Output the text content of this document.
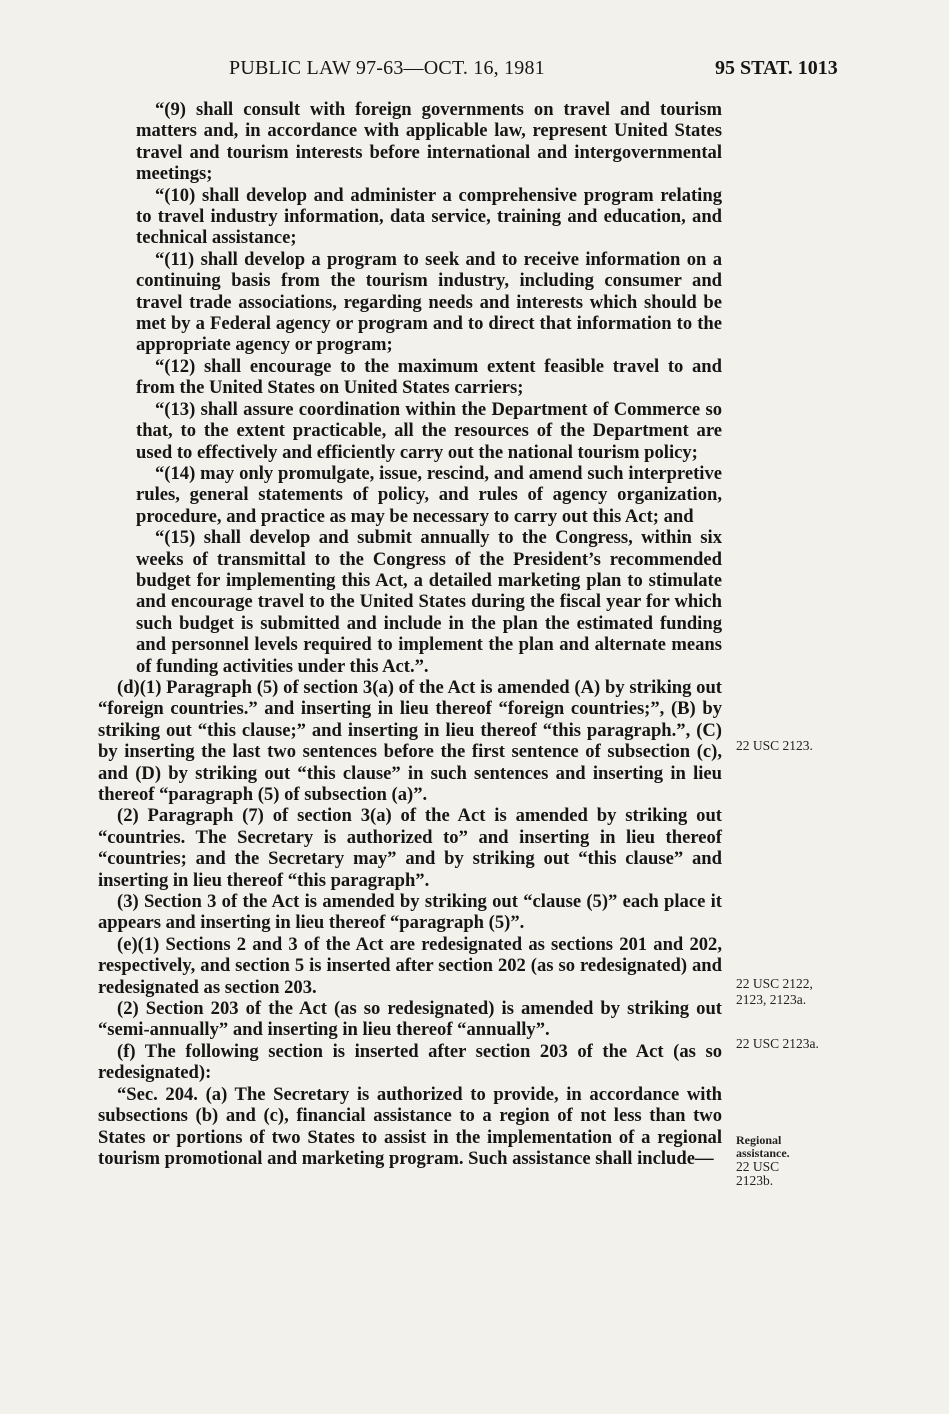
PUBLIC LAW 97-63—OCT. 16, 1981	95 STAT. 1013

“(9) shall consult with foreign governments on travel and tourism matters and, in accordance with applicable law, represent United States travel and tourism interests before international and intergovernmental meetings;

“(10) shall develop and administer a comprehensive program relating to travel industry information, data service, training and education, and technical assistance;

“(11) shall develop a program to seek and to receive information on a continuing basis from the tourism industry, including consumer and travel trade associations, regarding needs and interests which should be met by a Federal agency or program and to direct that information to the appropriate agency or program;

“(12) shall encourage to the maximum extent feasible travel to and from the United States on United States carriers;

“(13) shall assure coordination within the Department of Commerce so that, to the extent practicable, all the resources of the Department are used to effectively and efficiently carry out the national tourism policy;

“(14) may only promulgate, issue, rescind, and amend such interpretive rules, general statements of policy, and rules of agency organization, procedure, and practice as may be necessary to carry out this Act; and

“(15) shall develop and submit annually to the Congress, within six weeks of transmittal to the Congress of the President’s recommended budget for implementing this Act, a detailed marketing plan to stimulate and encourage travel to the United States during the fiscal year for which such budget is submitted and include in the plan the estimated funding and personnel levels required to implement the plan and alternate means of funding activities under this Act.”.

(d)(1) Paragraph (5) of section 3(a) of the Act is amended (A) by striking out “foreign countries.” and inserting in lieu thereof “foreign countries;”, (B) by striking out “this clause;” and inserting in lieu thereof “this paragraph.”, (C) by inserting the last two sentences before the first sentence of subsection (c), and (D) by striking out “this clause” in such sentences and inserting in lieu thereof “paragraph (5) of subsection (a)”.

(2) Paragraph (7) of section 3(a) of the Act is amended by striking out “countries. The Secretary is authorized to” and inserting in lieu thereof “countries; and the Secretary may” and by striking out “this clause” and inserting in lieu thereof “this paragraph”.

(3) Section 3 of the Act is amended by striking out “clause (5)” each place it appears and inserting in lieu thereof “paragraph (5)”.

(e)(1) Sections 2 and 3 of the Act are redesignated as sections 201 and 202, respectively, and section 5 is inserted after section 202 (as so redesignated) and redesignated as section 203.

(2) Section 203 of the Act (as so redesignated) is amended by striking out “semi-annually” and inserting in lieu thereof “annually”.

(f) The following section is inserted after section 203 of the Act (as so redesignated):

“Sec. 204. (a) The Secretary is authorized to provide, in accordance with subsections (b) and (c), financial assistance to a region of not less than two States or portions of two States to assist in the implementation of a regional tourism promotional and marketing program. Such assistance shall include—

22 USC 2123.
22 USC 2122, 2123, 2123a.
22 USC 2123a.
Regional assistance.
22 USC 2123b.
